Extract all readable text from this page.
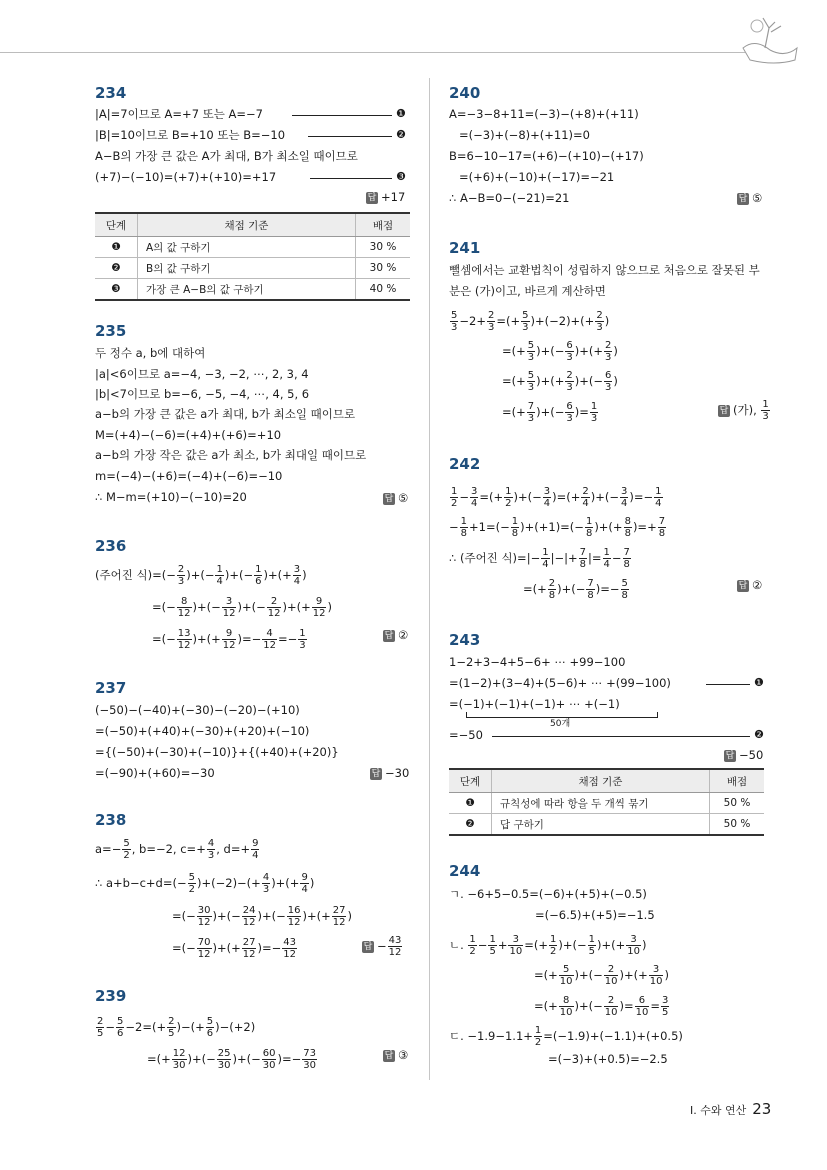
234
|A|=7이므로 A=+7 또는 A=−7	❶
|B|=10이므로 B=+10 또는 B=−10	❷
A−B의 가장 큰 값은 A가 최대, B가 최소일 때이므로
(+7)−(−10)=(+7)+(+10)=+17	❸
답 +17
단계	채점 기준	배점
❶	A의 값 구하기	30 %
❷	B의 값 구하기	30 %
❸	가장 큰 A−B의 값 구하기	40 %
235
두 정수 a, b에 대하여
|a|<6이므로 a=−4, −3, −2, ⋯, 2, 3, 4
|b|<7이므로 b=−6, −5, −4, ⋯, 4, 5, 6
a−b의 가장 큰 값은 a가 최대, b가 최소일 때이므로
M=(+4)−(−6)=(+4)+(+6)=+10
a−b의 가장 작은 값은 a가 최소, b가 최대일 때이므로
m=(−4)−(+6)=(−4)+(−6)=−10
∴ M−m=(+10)−(−10)=20	답 ⑤
236
(주어진 식)=(− $\frac{2}{3}$ )+(− $\frac{1}{4}$ )+(− $\frac{1}{6}$ )+(+ $\frac{3}{4}$ )
=(− $\frac{8}{12}$ )+(− $\frac{3}{12}$ )+(− $\frac{2}{12}$ )+(+ $\frac{9}{12}$ )
=(− $\frac{13}{12}$ )+(+ $\frac{9}{12}$ )=− $\frac{4}{12} =- \frac{1}{3}$	답 ②
237
(−50)−(−40)+(−30)−(−20)−(+10)
=(−50)+(+40)+(−30)+(+20)+(−10)
={(−50)+(−30)+(−10)}+{(+40)+(+20)}
=(−90)+(+60)=−30	답 −30
238
$a=- \frac{5}{2}$ , b=−2, $c=+ \frac{4}{3}$ , $d=+ \frac{9}{4}$
∴ $a+b-c+d=(- \frac{5}{2} )+(-2)-(+ \frac{4}{3}$ )+(+ $\frac{9}{4}$ )
=(− $\frac{30}{12}$ )+(− $\frac{24}{12}$ )+(− $\frac{16}{12}$ )+(+ $\frac{27}{12}$ )
=(− $\frac{70}{12}$ )+(+ $\frac{27}{12}$ )=− $\frac{43}{12}$	답 − $\frac{43}{12}$
239
$\frac{2}{5} - \frac{5}{6} -2=(+ \frac{2}{5}$ )−(+ $\frac{5}{6} )-(+2)$
=(+ $\frac{12}{30}$ )+(− $\frac{25}{30}$ )+(− $\frac{60}{30}$ )=− $\frac{73}{30}$	답 ③
240
A=−3−8+11=(−3)−(+8)+(+11)
=(−3)+(−8)+(+11)=0
B=6−10−17=(+6)−(+10)−(+17)
=(+6)+(−10)+(−17)=−21
∴ A−B=0−(−21)=21	답 ⑤
241
뺄셈에서는 교환법칙이 성립하지 않으므로 처음으로 잘못된 부
분은 (가)이고, 바르게 계산하면
$\frac{5}{3} -2+ \frac{2}{3}$ =(+ $\frac{5}{3} )+(-2)+(+ \frac{2}{3}$ )
=(+ $\frac{5}{3}$ )+(− $\frac{6}{3}$ )+(+ $\frac{2}{3}$ )
=(+ $\frac{5}{3}$ )+(+ $\frac{2}{3}$ )+(− $\frac{6}{3}$ )
=(+ $\frac{7}{3}$ )+(− $\frac{6}{3}$ )= $\frac{1}{3}$	답 (가), $\frac{1}{3}$
242
$\frac{1}{2} - \frac{3}{4}$ =(+ $\frac{1}{2}$ )+(− $\frac{3}{4}$ )=(+ $\frac{2}{4}$ )+(− $\frac{3}{4}$ )=− $\frac{1}{4}$
− $\frac{1}{8} +1=(- \frac{1}{8} )+(+1)=(- \frac{1}{8}$ )+(+ $\frac{8}{8}$ )=+ $\frac{7}{8}$
∴ (주어진 식)=|− $\frac{1}{4}$ |−|+ $\frac{7}{8}$ |= $\frac{1}{4} - \frac{7}{8}$
=(+ $\frac{2}{8}$ )+(− $\frac{7}{8}$ )=− $\frac{5}{8}$	답 ②
243
1−2+3−4+5−6+ ⋯ +99−100
=(1−2)+(3−4)+(5−6)+ ⋯ +(99−100)	❶
=(−1)+(−1)+(−1)+ ⋯ +(−1)
50개
=−50	❷
답 −50
단계	채점 기준	배점
❶	규칙성에 따라 항을 두 개씩 묶기	50 %
❷	답 구하기	50 %
244
ㄱ. −6+5−0.5=(−6)+(+5)+(−0.5)
=(−6.5)+(+5)=−1.5
ㄴ. $\frac{1}{2} - \frac{1}{5} + \frac{3}{10}$ =(+ $\frac{1}{2}$ )+(− $\frac{1}{5}$ )+(+ $\frac{3}{10}$ )
=(+ $\frac{5}{10}$ )+(− $\frac{2}{10}$ )+(+ $\frac{3}{10}$ )
=(+ $\frac{8}{10}$ )+(− $\frac{2}{10}$ )= $\frac{6}{10} = \frac{3}{5}$
ㄷ. $-1.9-1.1+ \frac{1}{2} =(-1.9)+(-1.1)+(+0.5)$
=(−3)+(+0.5)=−2.5
Ⅰ. 수와 연산 23
